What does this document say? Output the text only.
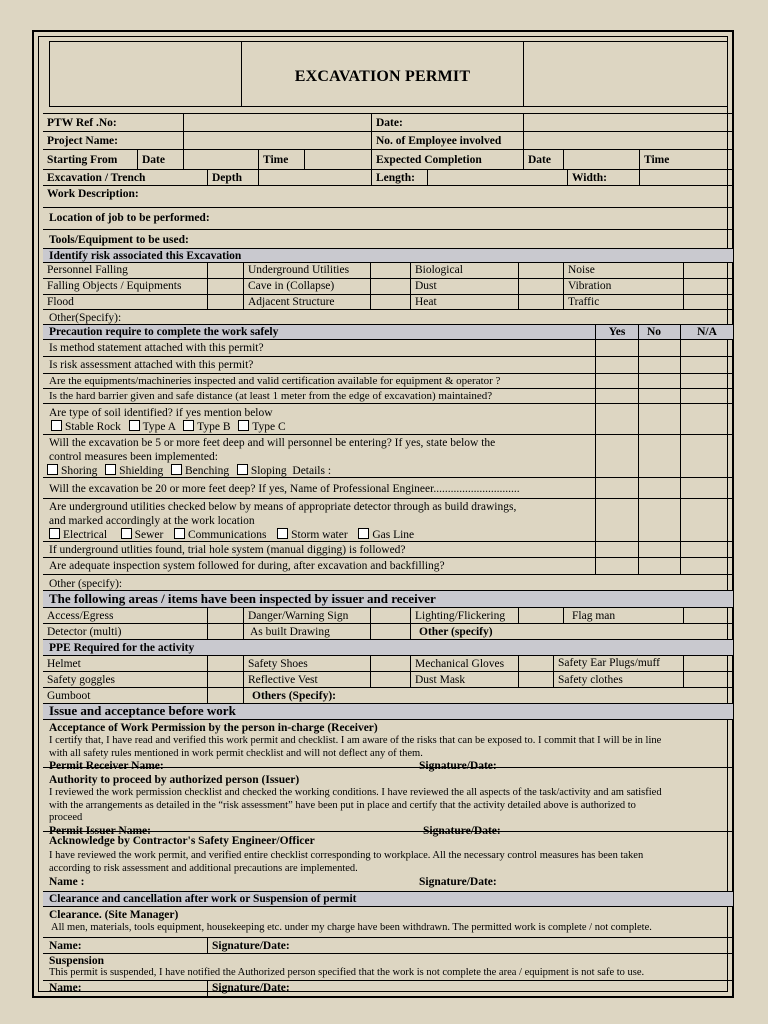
EXCAVATION PERMIT
PTW Ref .No:	Date:
Project Name:	No. of Employee involved
Starting From	Date	Time	Expected Completion	Date	Time
Excavation / Trench	Depth	Length:	Width:
Work Description:
Location of job to be performed:
Tools/Equipment to be used:
Identify risk associated this Excavation
Personnel Falling	Underground Utilities	Biological	Noise
Falling Objects / Equipments	Cave in (Collapse)	Dust	Vibration
Flood	Adjacent Structure	Heat	Traffic
Other(Specify):
Precaution require to complete the work safely	Yes	No	N/A
Is method statement attached with this permit?
Is risk assessment attached with this permit?
Are the equipments/machineries inspected and valid certification available for equipment & operator ?
Is the hard barrier given and safe distance (at least 1 meter from the edge of excavation) maintained?
Are type of soil identified? if yes mention below
Stable Rock Type A Type B Type C
Will the excavation be 5 or more feet deep and will personnel be entering? If yes, state below the
control measures been implemented:
Shoring Shielding Benching Sloping Details :
Will the excavation be 20 or more feet deep? If yes, Name of Professional Engineer..............................
Are underground utilities checked below by means of appropriate detector through as build drawings,
and marked accordingly at the work location
Electrical Sewer Communications Storm water Gas Line
If underground utlities found, trial hole system (manual digging) is followed?
Are adequate inspection system followed for during, after excavation and backfilling?
Other (specify):
The following areas / items have been inspected by issuer and receiver
Access/Egress	Danger/Warning Sign	Lighting/Flickering	Flag man
Detector (multi)	As built Drawing	Other (specify)
PPE Required for the activity
Helmet	Safety Shoes	Mechanical Gloves	Safety Ear Plugs/muff
Safety goggles	Reflective Vest	Dust Mask	Safety clothes
Gumboot	Others (Specify):
Issue and acceptance before work
Acceptance of Work Permission by the person in-charge (Receiver)
I certify that, I have read and verified this work permit and checklist. I am aware of the risks that can be exposed to. I commit that I will be in line
with all safety rules mentioned in work permit checklist and will not deflect any of them.
Permit Receiver Name:	Signature/Date:
Authority to proceed by authorized person (Issuer)
I reviewed the work permission checklist and checked the working conditions. I have reviewed the all aspects of the task/activity and am satisfied
with the arrangements as detailed in the “risk assessment” have been put in place and certify that the activity detailed above is authorized to
proceed
Permit Issuer Name:	Signature/Date:
Acknowledge by Contractor's Safety Engineer/Officer
I have reviewed the work permit, and verified entire checklist corresponding to workplace. All the necessary control measures has been taken
according to risk assessment and additional precautions are implemented.
Name :	Signature/Date:
Clearance and cancellation after work or Suspension of permit
Clearance. (Site Manager)
All men, materials, tools equipment, housekeeping etc. under my charge have been withdrawn. The permitted work is complete / not complete.
Name:	Signature/Date:
Suspension
This permit is suspended, I have notified the Authorized person specified that the work is not complete the area / equipment is not safe to use.
Name:	Signature/Date:
